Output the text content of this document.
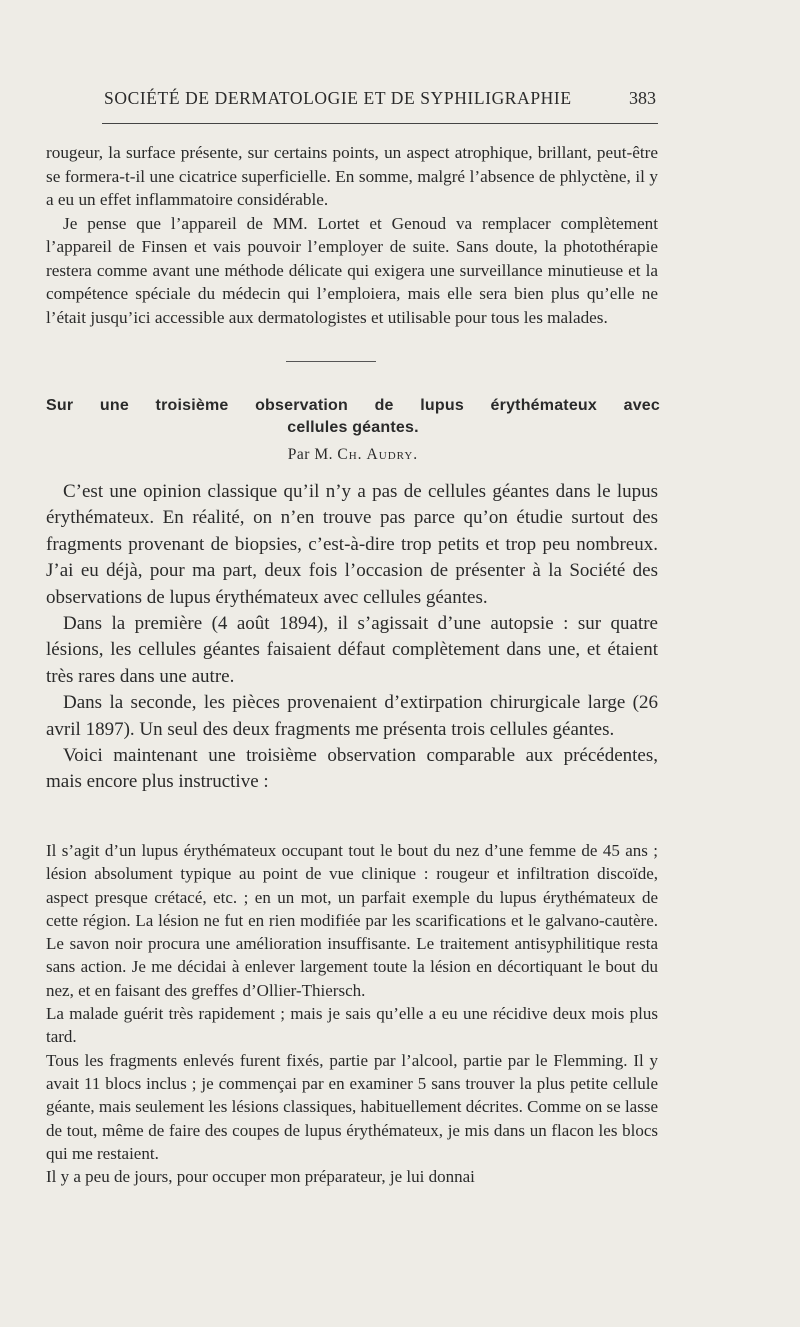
SOCIÉTÉ DE DERMATOLOGIE ET DE SYPHILIGRAPHIE	383

rougeur, la surface présente, sur certains points, un aspect atrophique, brillant, peut-être se formera-t-il une cicatrice superficielle. En somme, malgré l’absence de phlyctène, il y a eu un effet inflammatoire considérable.

Je pense que l’appareil de MM. Lortet et Genoud va remplacer complètement l’appareil de Finsen et vais pouvoir l’employer de suite. Sans doute, la photothérapie restera comme avant une méthode délicate qui exigera une surveillance minutieuse et la compétence spéciale du médecin qui l’emploiera, mais elle sera bien plus qu’elle ne l’était jusqu’ici accessible aux dermatologistes et utilisable pour tous les malades.

Sur une troisième observation de lupus érythémateux avec
cellules géantes.
Par M. Ch. Audry.

C’est une opinion classique qu’il n’y a pas de cellules géantes dans le lupus érythémateux. En réalité, on n’en trouve pas parce qu’on étudie surtout des fragments provenant de biopsies, c’est-à-dire trop petits et trop peu nombreux. J’ai eu déjà, pour ma part, deux fois l’occasion de présenter à la Société des observations de lupus érythémateux avec cellules géantes.

Dans la première (4 août 1894), il s’agissait d’une autopsie : sur quatre lésions, les cellules géantes faisaient défaut complètement dans une, et étaient très rares dans une autre.

Dans la seconde, les pièces provenaient d’extirpation chirurgicale large (26 avril 1897). Un seul des deux fragments me présenta trois cellules géantes.

Voici maintenant une troisième observation comparable aux précédentes, mais encore plus instructive :

Il s’agit d’un lupus érythémateux occupant tout le bout du nez d’une femme de 45 ans ; lésion absolument typique au point de vue clinique : rougeur et infiltration discoïde, aspect presque crétacé, etc. ; en un mot, un parfait exemple du lupus érythémateux de cette région. La lésion ne fut en rien modifiée par les scarifications et le galvano-cautère. Le savon noir procura une amélioration insuffisante. Le traitement antisyphilitique resta sans action. Je me décidai à enlever largement toute la lésion en décortiquant le bout du nez, et en faisant des greffes d’Ollier-Thiersch.

La malade guérit très rapidement ; mais je sais qu’elle a eu une récidive deux mois plus tard.

Tous les fragments enlevés furent fixés, partie par l’alcool, partie par le Flemming. Il y avait 11 blocs inclus ; je commençai par en examiner 5 sans trouver la plus petite cellule géante, mais seulement les lésions classiques, habituellement décrites. Comme on se lasse de tout, même de faire des coupes de lupus érythémateux, je mis dans un flacon les blocs qui me restaient.

Il y a peu de jours, pour occuper mon préparateur, je lui donnai
